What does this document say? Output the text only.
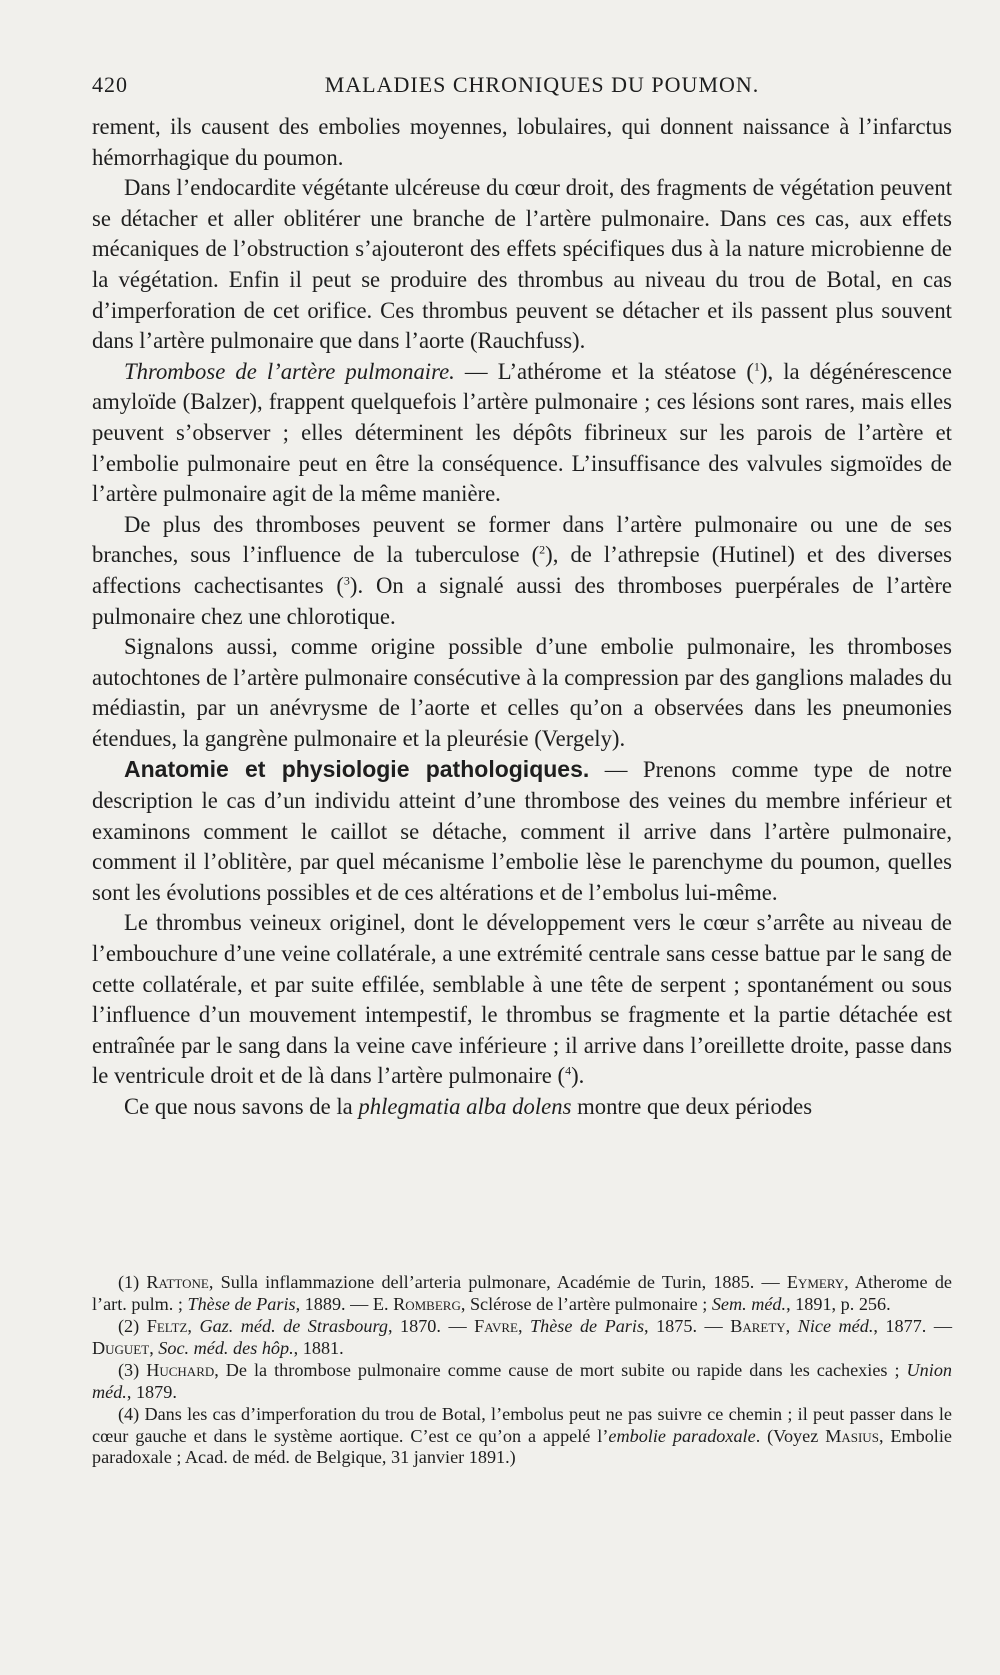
420	MALADIES CHRONIQUES DU POUMON.

rement, ils causent des embolies moyennes, lobulaires, qui donnent naissance à l’infarctus hémorrhagique du poumon.

Dans l’endocardite végétante ulcéreuse du cœur droit, des fragments de végétation peuvent se détacher et aller oblitérer une branche de l’artère pulmonaire. Dans ces cas, aux effets mécaniques de l’obstruction s’ajouteront des effets spécifiques dus à la nature microbienne de la végétation. Enfin il peut se produire des thrombus au niveau du trou de Botal, en cas d’imperforation de cet orifice. Ces thrombus peuvent se détacher et ils passent plus souvent dans l’artère pulmonaire que dans l’aorte (Rauchfuss).

Thrombose de l’artère pulmonaire. — L’athérome et la stéatose ($^1$), la dégénérescence amyloïde (Balzer), frappent quelquefois l’artère pulmonaire ; ces lésions sont rares, mais elles peuvent s’observer ; elles déterminent les dépôts fibrineux sur les parois de l’artère et l’embolie pulmonaire peut en être la conséquence. L’insuffisance des valvules sigmoïdes de l’artère pulmonaire agit de la même manière.

De plus des thromboses peuvent se former dans l’artère pulmonaire ou une de ses branches, sous l’influence de la tuberculose ($^2$), de l’athrepsie (Hutinel) et des diverses affections cachectisantes ($^3$). On a signalé aussi des thromboses puerpérales de l’artère pulmonaire chez une chlorotique.

Signalons aussi, comme origine possible d’une embolie pulmonaire, les thromboses autochtones de l’artère pulmonaire consécutive à la compression par des ganglions malades du médiastin, par un anévrysme de l’aorte et celles qu’on a observées dans les pneumonies étendues, la gangrène pulmonaire et la pleurésie (Vergely).

Anatomie et physiologie pathologiques. — Prenons comme type de notre description le cas d’un individu atteint d’une thrombose des veines du membre inférieur et examinons comment le caillot se détache, comment il arrive dans l’artère pulmonaire, comment il l’oblitère, par quel mécanisme l’embolie lèse le parenchyme du poumon, quelles sont les évolutions possibles et de ces altérations et de l’embolus lui-même.

Le thrombus veineux originel, dont le développement vers le cœur s’arrête au niveau de l’embouchure d’une veine collatérale, a une extrémité centrale sans cesse battue par le sang de cette collatérale, et par suite effilée, semblable à une tête de serpent ; spontanément ou sous l’influence d’un mouvement intempestif, le thrombus se fragmente et la partie détachée est entraînée par le sang dans la veine cave inférieure ; il arrive dans l’oreillette droite, passe dans le ventricule droit et de là dans l’artère pulmonaire ($^4$).

Ce que nous savons de la phlegmatia alba dolens montre que deux périodes

(1) Rattone, Sulla inflammazione dell’arteria pulmonare, Académie de Turin, 1885. — Eymery, Atherome de l’art. pulm. ; Thèse de Paris, 1889. — E. Romberg, Sclérose de l’artère pulmonaire ; Sem. méd., 1891, p. 256.

(2) Feltz, Gaz. méd. de Strasbourg, 1870. — Favre, Thèse de Paris, 1875. — Barety, Nice méd., 1877. — Duguet, Soc. méd. des hôp., 1881.

(3) Huchard, De la thrombose pulmonaire comme cause de mort subite ou rapide dans les cachexies ; Union méd., 1879.

(4) Dans les cas d’imperforation du trou de Botal, l’embolus peut ne pas suivre ce chemin ; il peut passer dans le cœur gauche et dans le système aortique. C’est ce qu’on a appelé l’embolie paradoxale. (Voyez Masius, Embolie paradoxale ; Acad. de méd. de Belgique, 31 janvier 1891.)
